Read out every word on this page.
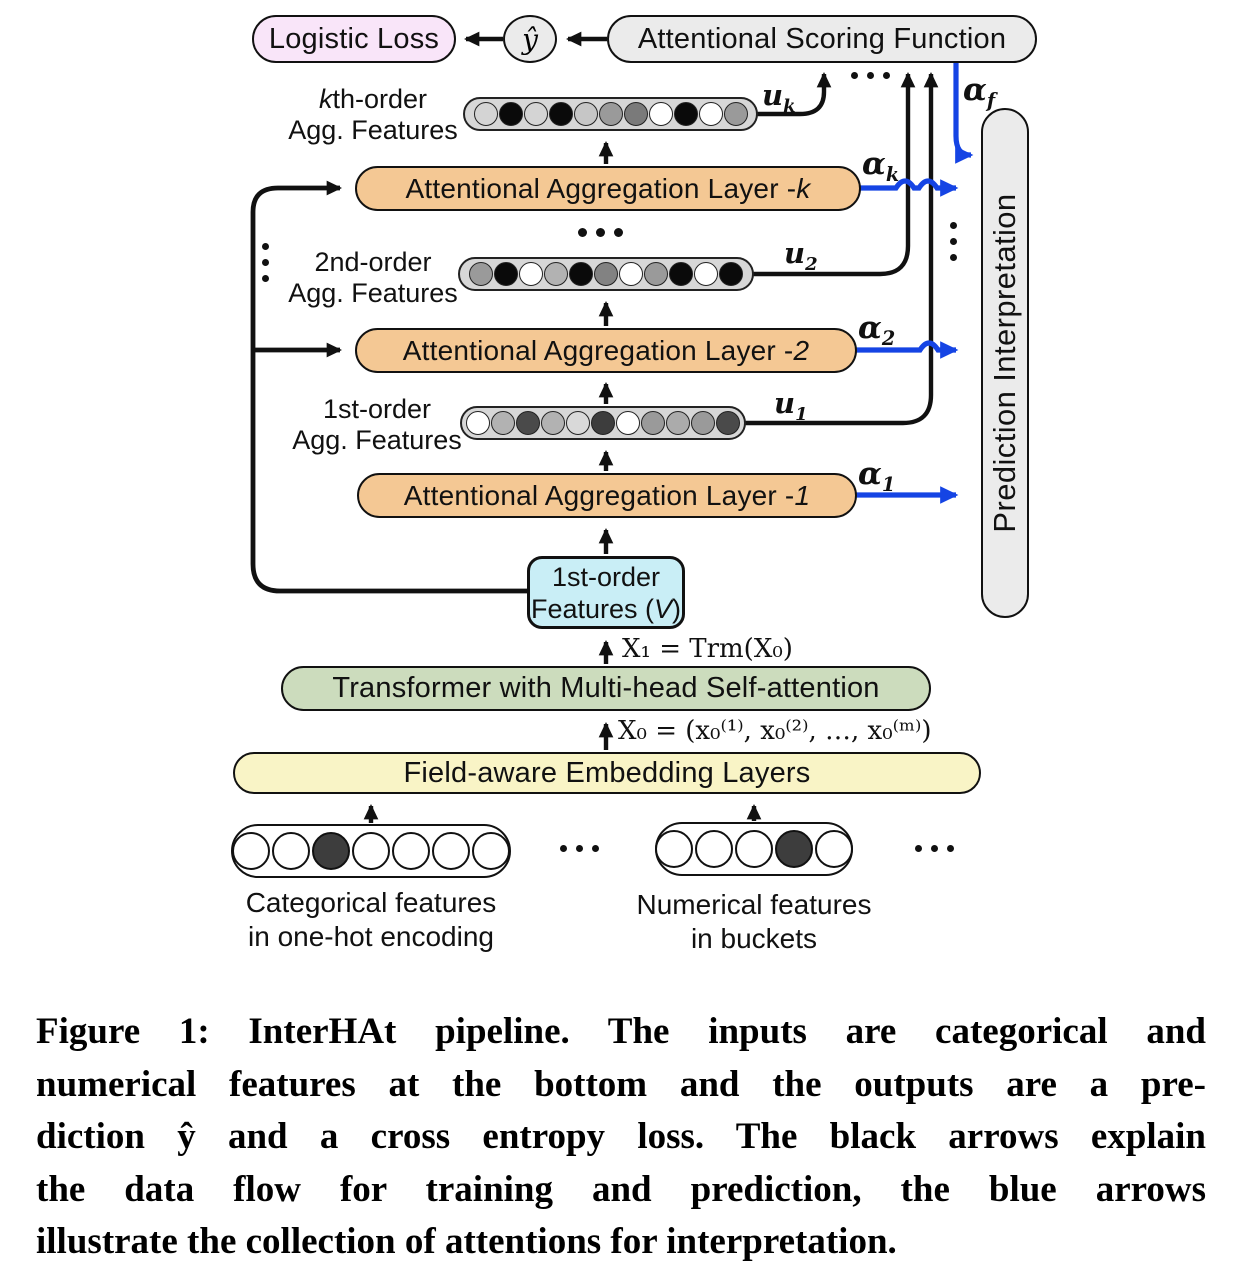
Logistic Loss	ŷ	Attentional Scoring Function
$\alpha_f$
kth-order
Agg. Features
$u_k$
Attentional Aggregation Layer - k
$\alpha_k$
2nd-order
Agg. Features
$u_2$
Attentional Aggregation Layer - 2
$\alpha_2$
1st-order
Agg. Features
$u_1$
Attentional Aggregation Layer - 1
$\alpha_1$
1st-order
Features (V)
X₁ = Trm(X₀)
X₀ = (x₀⁽¹⁾, x₀⁽²⁾, …, x₀⁽ᵐ⁾)
Transformer with Multi-head Self-attention
Field-aware Embedding Layers
Categorical features
in one-hot encoding
Numerical features
in buckets
Prediction Interpretation
Figure 1: InterHAt pipeline. The inputs are categorical and
numerical features at the bottom and the outputs are a pre-
diction ŷ and a cross entropy loss. The black arrows explain
the data flow for training and prediction, the blue arrows
illustrate the collection of attentions for interpretation.
